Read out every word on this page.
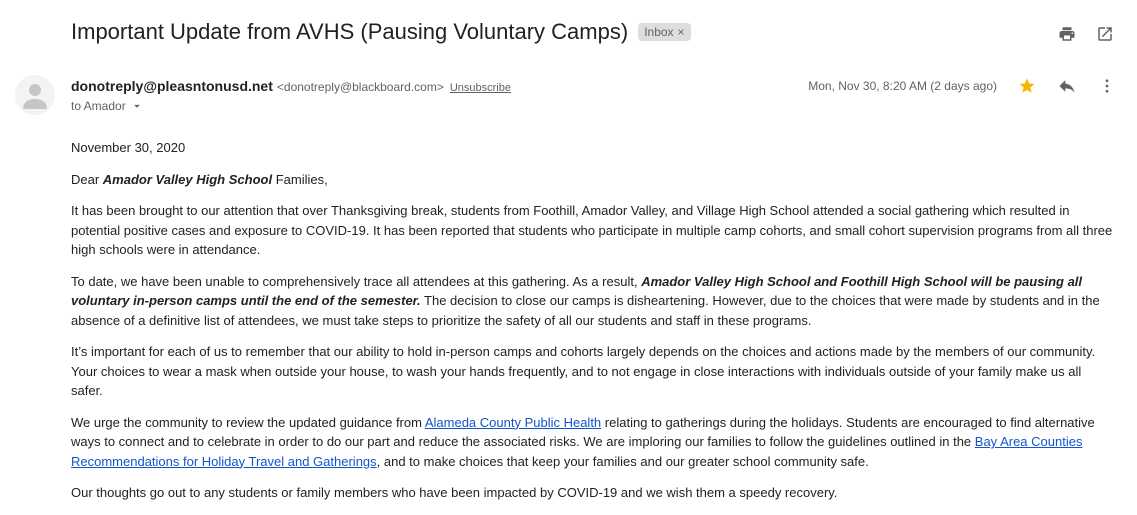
Important Update from AVHS (Pausing Voluntary Camps) Inbox ×
donotreply@pleasntonusd.net <donotreply@blackboard.com> Unsubscribe
to Amador
Mon, Nov 30, 8:20 AM (2 days ago)

November 30, 2020

Dear Amador Valley High School Families,

It has been brought to our attention that over Thanksgiving break, students from Foothill, Amador Valley, and Village High School attended a social gathering which resulted in potential positive cases and exposure to COVID-19. It has been reported that students who participate in multiple camp cohorts, and small cohort supervision programs from all three high schools were in attendance.

To date, we have been unable to comprehensively trace all attendees at this gathering. As a result, Amador Valley High School and Foothill High School will be pausing all voluntary in-person camps until the end of the semester. The decision to close our camps is disheartening. However, due to the choices that were made by students and in the absence of a definitive list of attendees, we must take steps to prioritize the safety of all our students and staff in these programs.

It’s important for each of us to remember that our ability to hold in-person camps and cohorts largely depends on the choices and actions made by the members of our community. Your choices to wear a mask when outside your house, to wash your hands frequently, and to not engage in close interactions with individuals outside of your family make us all safer.

We urge the community to review the updated guidance from Alameda County Public Health relating to gatherings during the holidays. Students are encouraged to find alternative ways to connect and to celebrate in order to do our part and reduce the associated risks. We are imploring our families to follow the guidelines outlined in the Bay Area Counties Recommendations for Holiday Travel and Gatherings, and to make choices that keep your families and our greater school community safe.

Our thoughts go out to any students or family members who have been impacted by COVID-19 and we wish them a speedy recovery.
